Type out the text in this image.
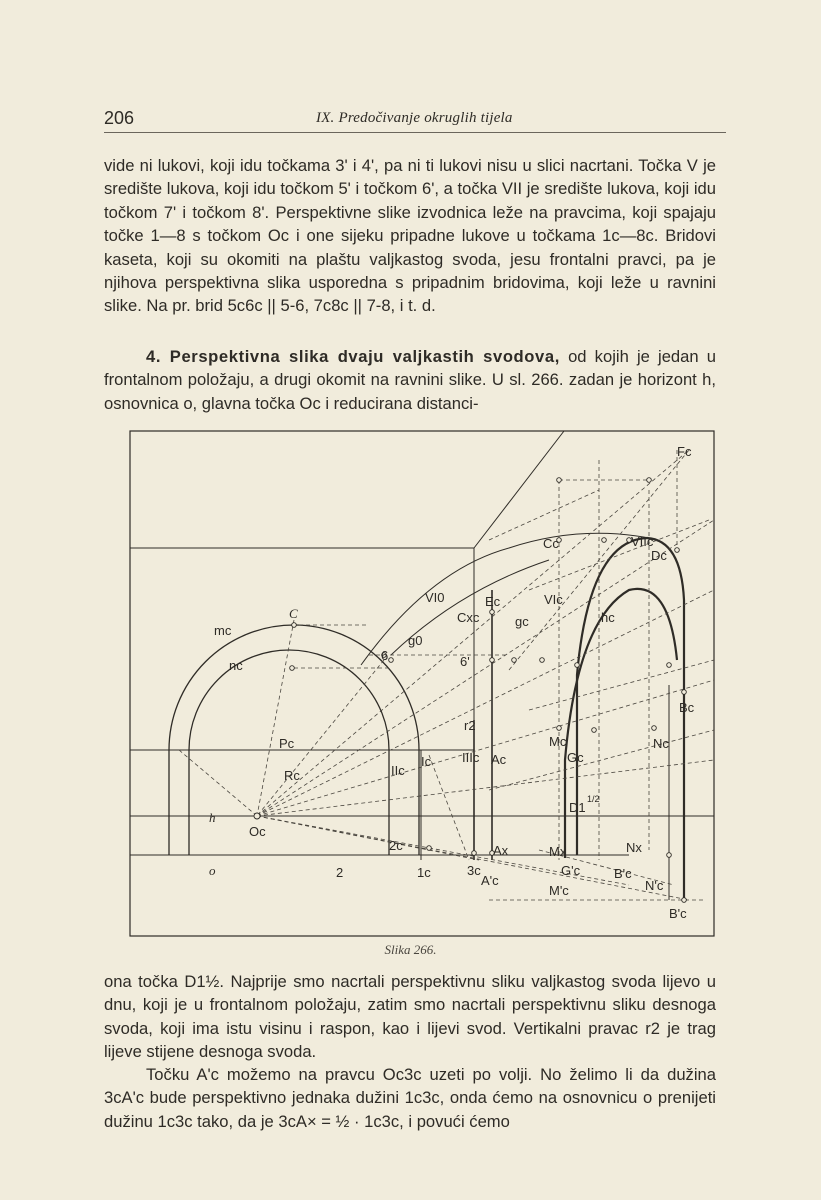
206	IX. Predočivanje okruglih tijela

vide ni lukovi, koji idu točkama 3' i 4', pa ni ti lukovi nisu u slici nacrtani. Točka V je središte lukova, koji idu točkom 5' i točkom 6', a točka VII je središte lukova, koji idu točkom 7' i točkom 8'. Perspektivne slike izvodnica leže na pravcima, koji spajaju točke 1—8 s točkom Oc i one sijeku pripadne lukove u točkama 1c—8c. Bridovi kaseta, koji su okomiti na plaštu valjkastog svoda, jesu frontalni pravci, pa je njihova perspektivna slika usporedna s pripadnim bridovima, koji leže u ravnini slike. Na pr. brid 5c6c || 5-6, 7c8c || 7-8, i t. d.

4. Perspektivna slika dvaju valjkastih svodova, od kojih je jedan u frontalnom položaju, a drugi okomit na ravnini slike. U sl. 266. zadan je horizont h, osnovnica o, glavna točka Oc i reducirana distanci-

C
mc
nc
Pc
Rc
h
Oc
o	2
2c
1c
IIc
Ic
6
VI0
g0
Cc
Cxc
Ec	VIc
VIIc
Dc
Fc
gc	hc
r2
IIIc Ac
Mc
Gc
Nc
Bc
D1
1/2
Ax	Mx	Nx
3c
A'c
G'c	B'c
N'c
M'c
B'c
6'
Slika 266.

ona točka D1½. Najprije smo nacrtali perspektivnu sliku valjkastog svoda lijevo u dnu, koji je u frontalnom položaju, zatim smo nacrtali perspektivnu sliku desnoga svoda, koji ima istu visinu i raspon, kao i lijevi svod. Vertikalni pravac r2 je trag lijeve stijene desnoga svoda.

Točku A'c možemo na pravcu Oc3c uzeti po volji. No želimo li da dužina 3cA'c bude perspektivno jednaka dužini 1c3c, onda ćemo na osnovnicu o prenijeti dužinu 1c3c tako, da je 3cA× = ½ · 1c3c, i povući ćemo
